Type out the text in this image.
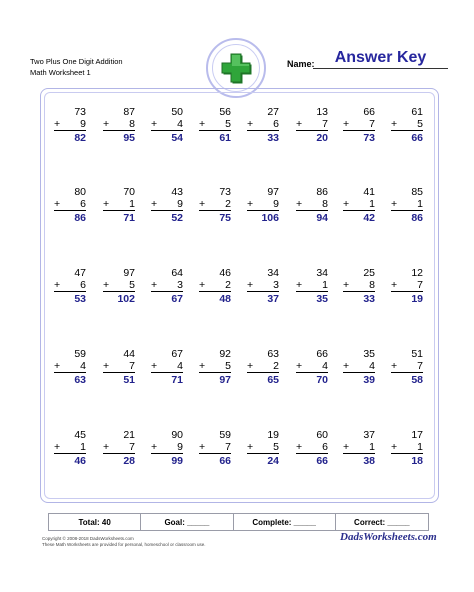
Two Plus One Digit Addition
Math Worksheet 1
Name:	Answer Key
73
+ 9
82
87
+ 8
95
50
+ 4
54
56
+ 5
61
27
+ 6
33
13
+ 7
20
66
+ 7
73
61
+ 5
66
80
+ 6
86
70
+ 1
71
43
+ 9
52
73
+ 2
75
97
+ 9
106
86
+ 8
94
41
+ 1
42
85
+ 1
86
47
+ 6
53
97
+ 5
102
64
+ 3
67
46
+ 2
48
34
+ 3
37
34
+ 1
35
25
+ 8
33
12
+ 7
19
59
+ 4
63
44
+ 7
51
67
+ 4
71
92
+ 5
97
63
+ 2
65
66
+ 4
70
35
+ 4
39
51
+ 7
58
45
+ 1
46
21
+ 7
28
90
+ 9
99
59
+ 7
66
19
+ 5
24
60
+ 6
66
37
+ 1
38
17
+ 1
18
Total: 40	Goal: _____	Complete: _____	Correct: _____
Copyright © 2008-2018 DadsWorksheets.com
These Math Worksheets are provided for personal, homeschool or classroom use.
DadsWorksheets.com
